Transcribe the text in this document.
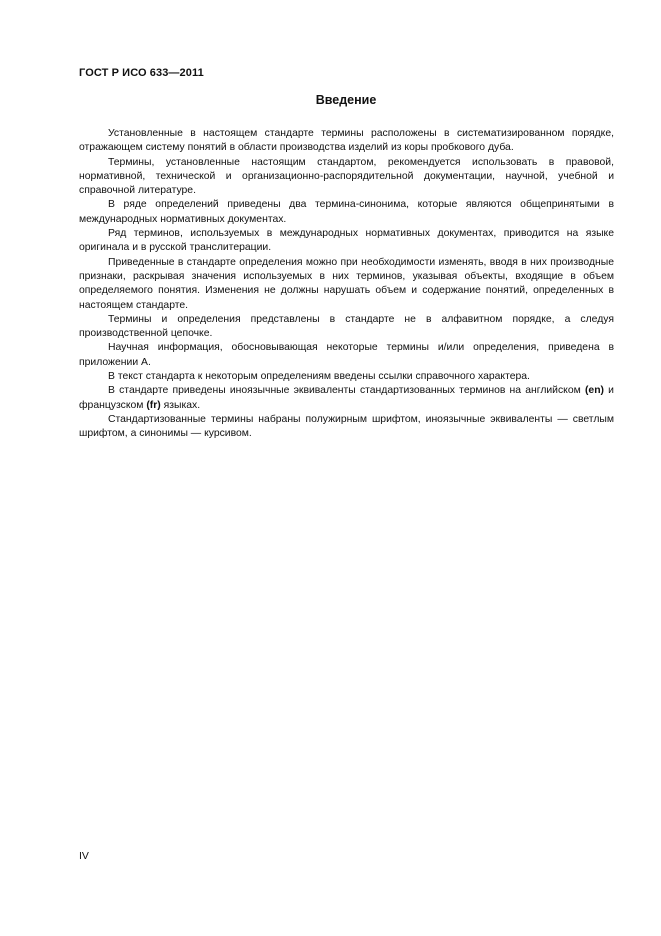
ГОСТ Р ИСО 633—2011
Введение

Установленные в настоящем стандарте термины расположены в систематизированном порядке, отражающем систему понятий в области производства изделий из коры пробкового дуба.

Термины, установленные настоящим стандартом, рекомендуется использовать в правовой, нормативной, технической и организационно-распорядительной документации, научной, учебной и справочной литературе.

В ряде определений приведены два термина-синонима, которые являются общепринятыми в международных нормативных документах.

Ряд терминов, используемых в международных нормативных документах, приводится на языке оригинала и в русской транслитерации.

Приведенные в стандарте определения можно при необходимости изменять, вводя в них производные признаки, раскрывая значения используемых в них терминов, указывая объекты, входящие в объем определяемого понятия. Изменения не должны нарушать объем и содержание понятий, определенных в настоящем стандарте.

Термины и определения представлены в стандарте не в алфавитном порядке, а следуя производственной цепочке.

Научная информация, обосновывающая некоторые термины и/или определения, приведена в приложении А.

В текст стандарта к некоторым определениям введены ссылки справочного характера.

В стандарте приведены иноязычные эквиваленты стандартизованных терминов на английском (en) и французском (fr) языках.

Стандартизованные термины набраны полужирным шрифтом, иноязычные эквиваленты — светлым шрифтом, а синонимы — курсивом.

IV
